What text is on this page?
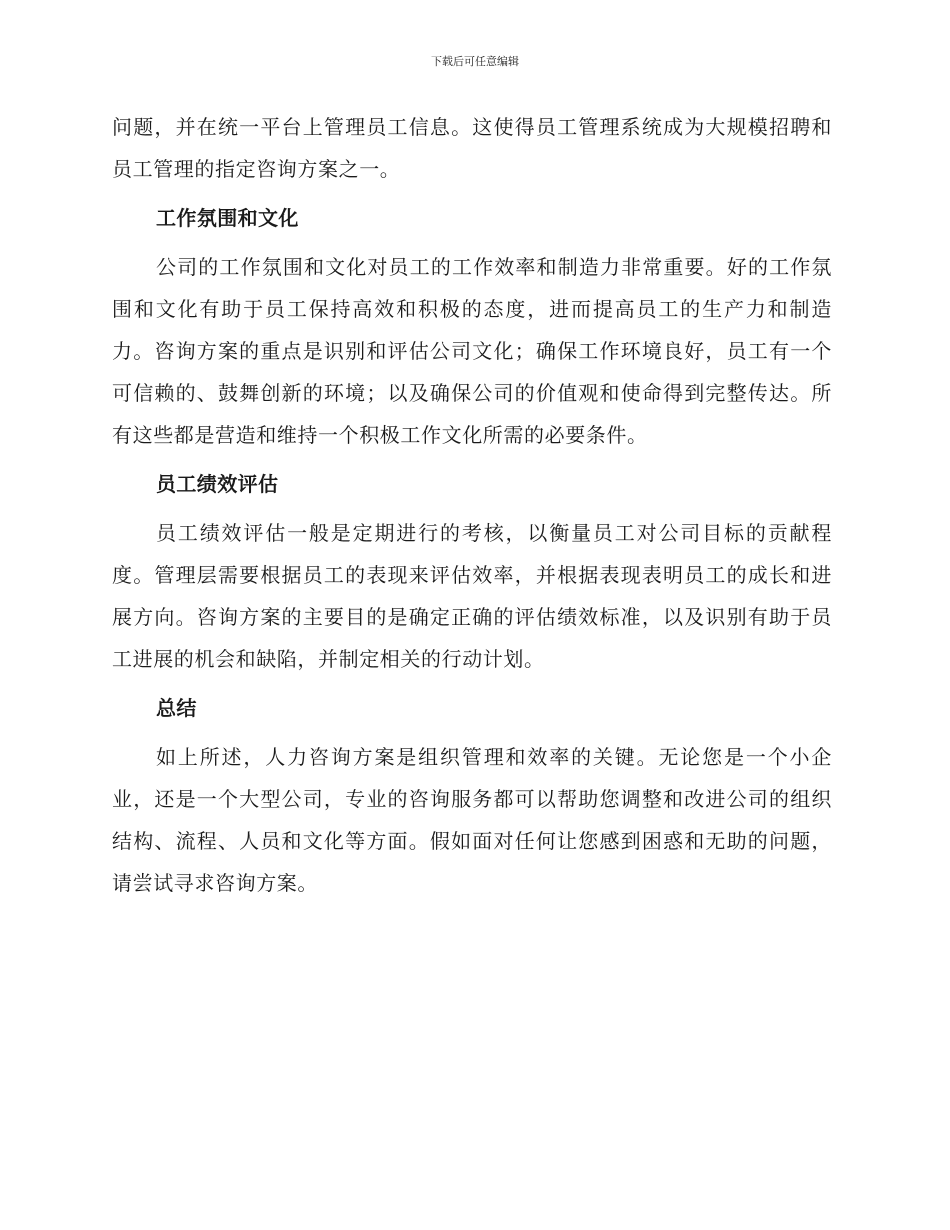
下载后可任意编辑

问题，并在统一平台上管理员工信息。这使得员工管理系统成为大规模招聘和员工管理的指定咨询方案之一。

工作氛围和文化

公司的工作氛围和文化对员工的工作效率和制造力非常重要。好的工作氛围和文化有助于员工保持高效和积极的态度，进而提高员工的生产力和制造力。咨询方案的重点是识别和评估公司文化；确保工作环境良好，员工有一个可信赖的、鼓舞创新的环境；以及确保公司的价值观和使命得到完整传达。所有这些都是营造和维持一个积极工作文化所需的必要条件。

员工绩效评估

员工绩效评估一般是定期进行的考核，以衡量员工对公司目标的贡献程度。管理层需要根据员工的表现来评估效率，并根据表现表明员工的成长和进展方向。咨询方案的主要目的是确定正确的评估绩效标准，以及识别有助于员工进展的机会和缺陷，并制定相关的行动计划。

总结

如上所述，人力咨询方案是组织管理和效率的关键。无论您是一个小企业，还是一个大型公司，专业的咨询服务都可以帮助您调整和改进公司的组织结构、流程、人员和文化等方面。假如面对任何让您感到困惑和无助的问题，请尝试寻求咨询方案。
